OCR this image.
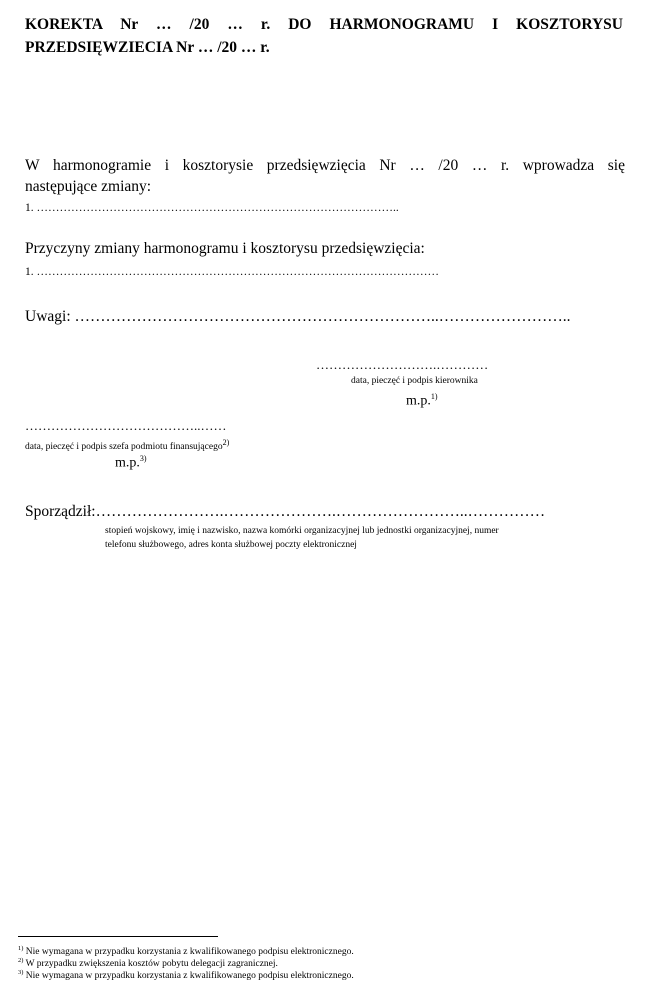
KOREKTA Nr … /20 … r. DO HARMONOGRAMU I KOSZTORYSU
PRZEDSIĘWZIECIA Nr … /20 … r.
W harmonogramie i kosztorysie przedsięwzięcia Nr … /20 … r. wprowadza się
następujące zmiany:
1. …………………………………………………………………………………..
Przyczyny zmiany harmonogramu i kosztorysu przedsięwzięcia:
1. ……………………………………………………………………………………………
Uwagi: ……………………………………………………………..……………………..
……………………….…………
data, pieczęć i podpis kierownika
m.p.$^{1)}$
…………………………………..……
data, pieczęć i podpis szefa podmiotu finansującego$^{2)}$
m.p.$^{3)}$
Sporządził:…………………….………………….……………………..……………
stopień wojskowy, imię i nazwisko, nazwa komórki organizacyjnej lub jednostki organizacyjnej, numer
telefonu służbowego, adres konta służbowej poczty elektronicznej
$^{1)}$ Nie wymagana w przypadku korzystania z kwalifikowanego podpisu elektronicznego.
$^{2)}$ W przypadku zwiększenia kosztów pobytu delegacji zagranicznej.
$^{3)}$ Nie wymagana w przypadku korzystania z kwalifikowanego podpisu elektronicznego.
